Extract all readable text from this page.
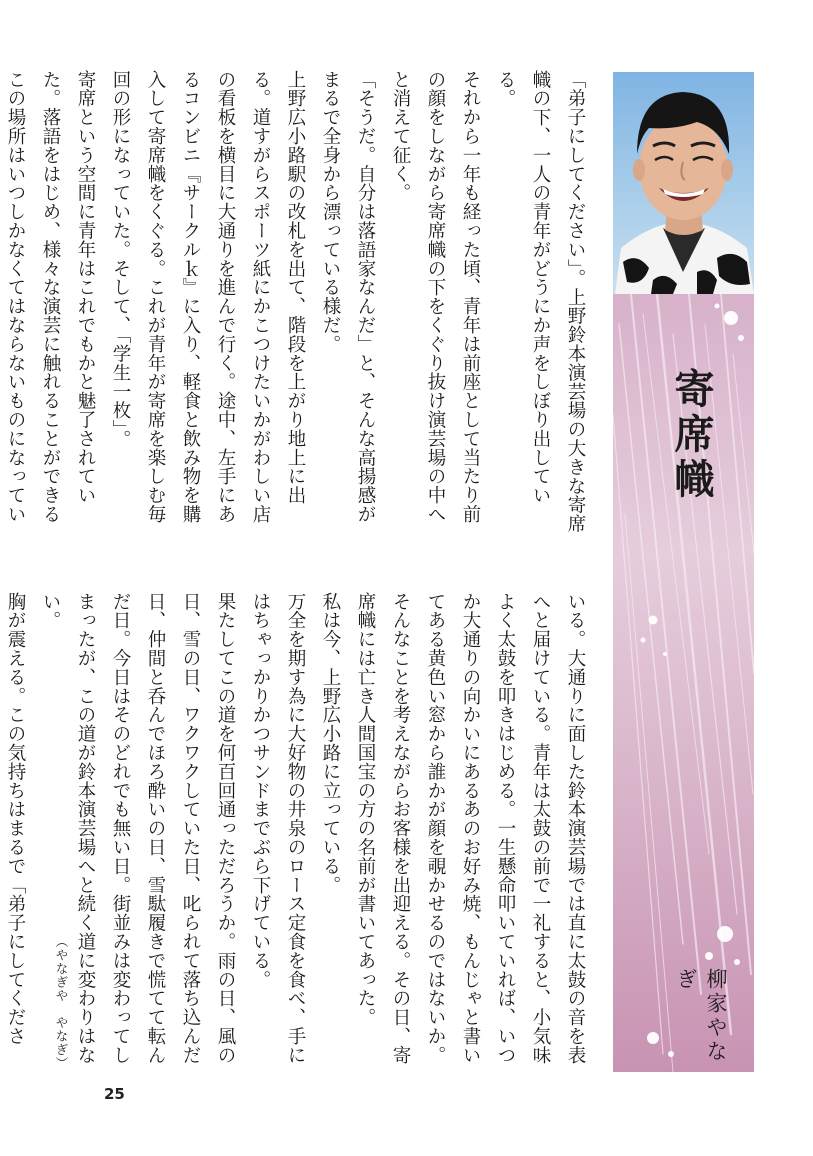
「弟子にしてください」。上野鈴本演芸場の大きな寄席幟の下、一人の青年がどうにか声をしぼり出している。

それから一年も経った頃、青年は前座として当たり前の顔をしながら寄席幟の下をくぐり抜け演芸場の中へと消えて征く。

「そうだ。自分は落語家なんだ」と、そんな高揚感がまるで全身から漂っている様だ。

上野広小路駅の改札を出て、階段を上がり地上に出る。道すがらスポーツ紙にかこつけたいかがわしい店の看板を横目に大通りを進んで行く。途中、左手にあるコンビニ『サークルｋ』に入り、軽食と飲み物を購入して寄席幟をくぐる。これが青年が寄席を楽しむ毎回の形になっていた。そして、「学生一枚」。

寄席という空間に青年はこれでもかと魅了されていた。落語をはじめ、様々な演芸に触れることができるこの場所はいつしかなくてはならないものになってい

いる。大通りに面した鈴本演芸場では直に太鼓の音を表へと届けている。青年は太鼓の前で一礼すると、小気味よく太鼓を叩きはじめる。一生懸命叩いていれば、いつか大通りの向かいにあるあのお好み焼、もんじゃと書いてある黄色い窓から誰かが顔を覗かせるのではないか。そんなことを考えながらお客様を出迎える。その日、寄席幟には亡き人間国宝の方の名前が書いてあった。

私は今、上野広小路に立っている。

万全を期す為に大好物の井泉のロース定食を食べ、手にはちゃっかりかつサンドまでぶら下げている。

果たしてこの道を何百回通っただろうか。雨の日、風の日、雪の日、ワクワクしていた日、叱られて落ち込んだ日、仲間と呑んでほろ酔いの日、雪駄履きで慌てて転んだ日。今日はそのどれでも無い日。街並みは変わってしまったが、この道が鈴本演芸場へと続く道に変わりはない。

胸が震える。この気持ちはまるで「弟子にしてくださ	（やなぎや　やなぎ）
25
寄席幟
柳家やなぎ
